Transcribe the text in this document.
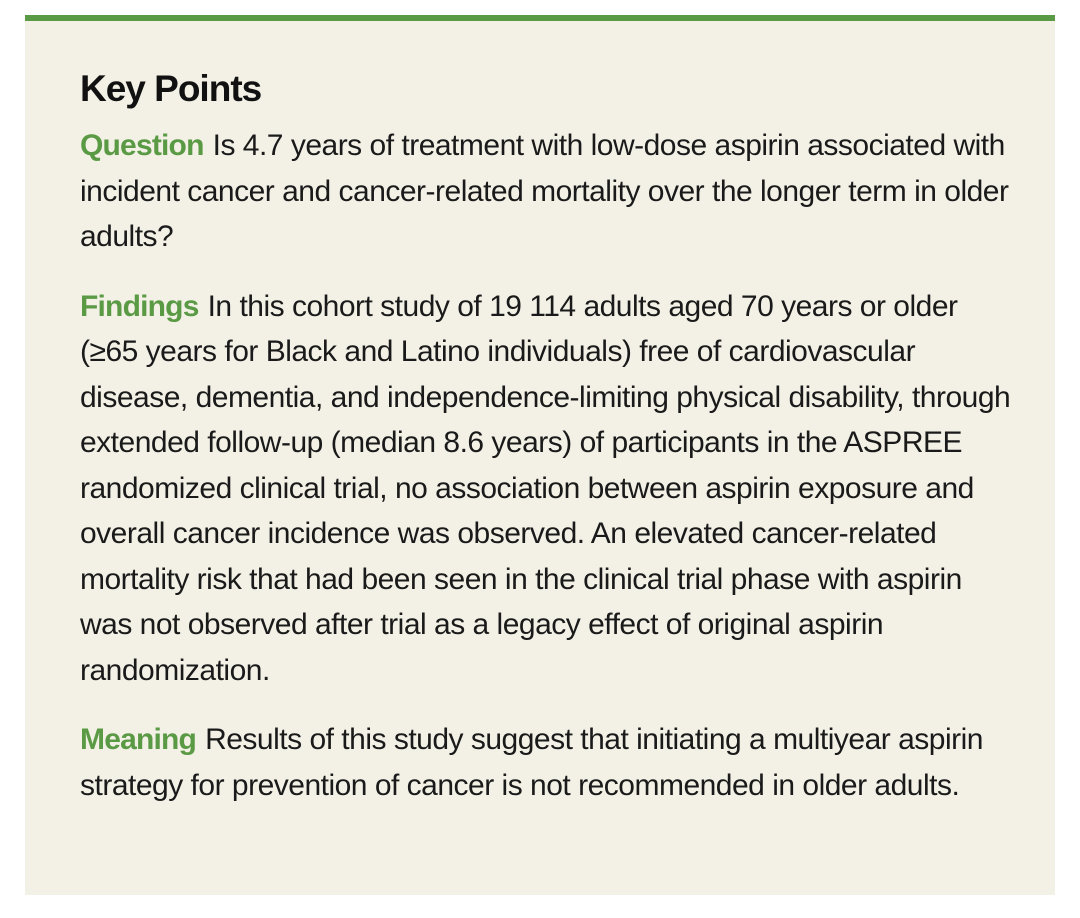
Key Points

Question Is 4.7 years of treatment with low-dose aspirin associated with incident cancer and cancer-related mortality over the longer term in older adults?

Findings In this cohort study of 19 114 adults aged 70 years or older (≥65 years for Black and Latino individuals) free of cardiovascular disease, dementia, and independence-limiting physical disability, through extended follow-up (median 8.6 years) of participants in the ASPREE randomized clinical trial, no association between aspirin exposure and overall cancer incidence was observed. An elevated cancer-related mortality risk that had been seen in the clinical trial phase with aspirin was not observed after trial as a legacy effect of original aspirin randomization.

Meaning Results of this study suggest that initiating a multiyear aspirin strategy for prevention of cancer is not recommended in older adults.
